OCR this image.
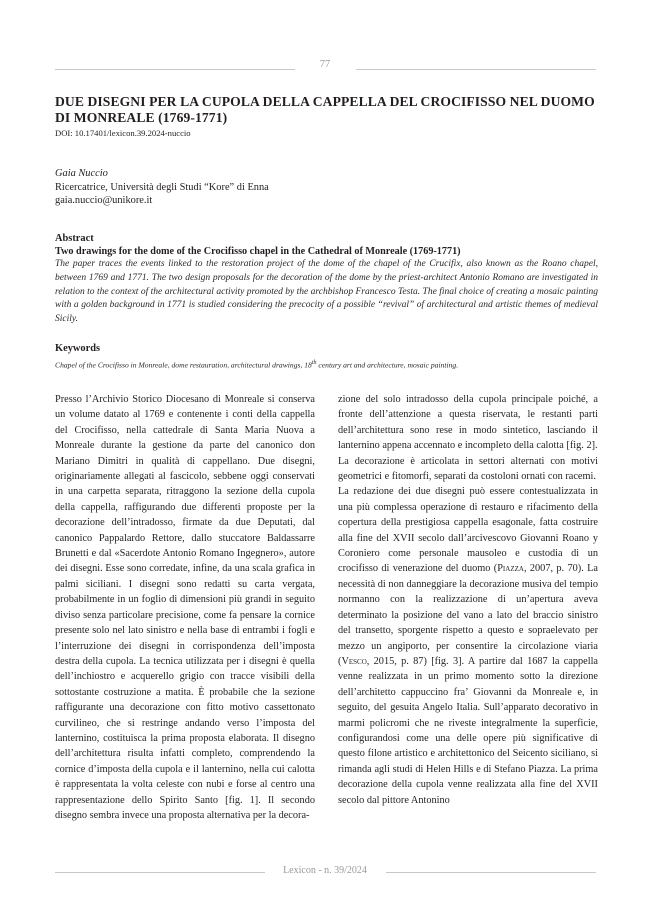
77
DUE DISEGNI PER LA CUPOLA DELLA CAPPELLA DEL CROCIFISSO NEL DUOMO DI MONREALE (1769-1771)
DOI: 10.17401/lexicon.39.2024-nuccio
Gaia Nuccio
Ricercatrice, Università degli Studi “Kore” di Enna
gaia.nuccio@unikore.it
Abstract
Two drawings for the dome of the Crocifisso chapel in the Cathedral of Monreale (1769-1771)
The paper traces the events linked to the restoration project of the dome of the chapel of the Crucifix, also known as the Roano chapel, between 1769 and 1771. The two design proposals for the decoration of the dome by the priest-architect Antonio Romano are investigated in relation to the context of the architectural activity promoted by the archbishop Francesco Testa. The final choice of creating a mosaic painting with a golden background in 1771 is studied considering the precocity of a possible “revival” of architectural and artistic themes of medieval Sicily.
Keywords
Chapel of the Crocifisso in Monreale, dome restauration, architectural drawings, 18th century art and architecture, mosaic painting.

Presso l’Archivio Storico Diocesano di Monreale si conserva un volume datato al 1769 e contenente i conti della cappella del Crocifisso, nella cattedrale di Santa Maria Nuova a Monreale durante la gestione da parte del canonico don Mariano Dimitri in qualità di cappellano. Due disegni, originariamente allegati al fascicolo, sebbene oggi conservati in una carpetta separata, ritraggono la sezione della cupola della cappella, raffigurando due differenti proposte per la decorazione dell’intradosso, firmate da due Deputati, dal canonico Pappalardo Rettore, dallo stuccatore Baldassarre Brunetti e dal «Sacerdote Antonio Romano Ingegnero», autore dei disegni. Esse sono corredate, infine, da una scala grafica in palmi siciliani. I disegni sono redatti su carta vergata, probabilmente in un foglio di dimensioni più grandi in seguito diviso senza particolare precisione, come fa pensare la cornice presente solo nel lato sinistro e nella base di entrambi i fogli e l’interruzione dei disegni in corrispondenza dell’imposta destra della cupola. La tecnica utilizzata per i disegni è quella dell’inchiostro e acquerello grigio con tracce visibili della sottostante costruzione a matita. È probabile che la sezione raffigurante una decorazione con fitto motivo cassettonato curvilineo, che si restringe andando verso l’imposta del lanternino, costituisca la prima proposta elaborata. Il disegno dell’architettura risulta infatti completo, comprendendo la cornice d’imposta della cupola e il lanternino, nella cui calotta è rappresentata la volta celeste con nubi e forse al centro una rappresentazione dello Spirito Santo [fig. 1]. Il secondo disegno sembra invece una proposta alternativa per la decora-

zione del solo intradosso della cupola principale poiché, a fronte dell’attenzione a questa riservata, le restanti parti dell’architettura sono rese in modo sintetico, lasciando il lanternino appena accennato e incompleto della calotta [fig. 2].

La decorazione è articolata in settori alternati con motivi geometrici e fitomorfi, separati da costoloni ornati con racemi.

La redazione dei due disegni può essere contestualizzata in una più complessa operazione di restauro e rifacimento della copertura della prestigiosa cappella esagonale, fatta costruire alla fine del XVII secolo dall’arcivescovo Giovanni Roano y Coroniero come personale mausoleo e custodia di un crocifisso di venerazione del duomo (Piazza, 2007, p. 70). La necessità di non danneggiare la decorazione musiva del tempio normanno con la realizzazione di un’apertura aveva determinato la posizione del vano a lato del braccio sinistro del transetto, sporgente rispetto a questo e sopraelevato per mezzo un angiporto, per consentire la circolazione viaria (Vesco, 2015, p. 87) [fig. 3]. A partire dal 1687 la cappella venne realizzata in un primo momento sotto la direzione dell’architetto cappuccino fra’ Giovanni da Monreale e, in seguito, del gesuita Angelo Italia. Sull’apparato decorativo in marmi policromi che ne riveste integralmente la superficie, configurandosi come una delle opere più significative di questo filone artistico e architettonico del Seicento siciliano, si rimanda agli studi di Helen Hills e di Stefano Piazza. La prima decorazione della cupola venne realizzata alla fine del XVII secolo dal pittore Antonino

Lexicon - n. 39/2024
